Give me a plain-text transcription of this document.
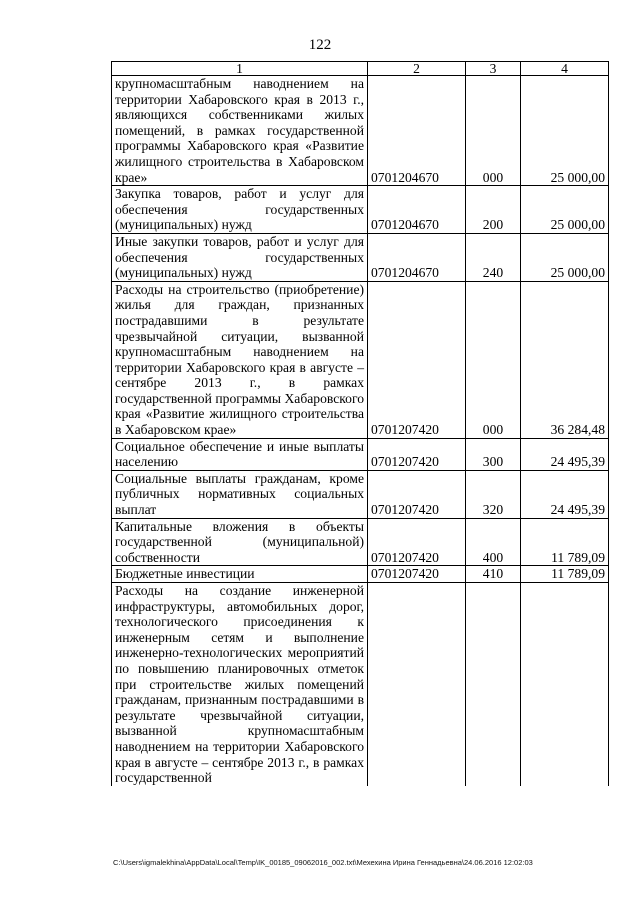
122
1	2	3	4
крупномасштабным наводнением на территории Хабаровского края в 2013 г., являющихся собственниками жилых помещений, в рамках государственной программы Хабаровского края «Развитие жилищного строительства в Хабаровском крае»	0701204670	000	25 000,00
Закупка товаров, работ и услуг для обеспечения государственных (муниципальных) нужд	0701204670	200	25 000,00
Иные закупки товаров, работ и услуг для обеспечения государственных (муниципальных) нужд	0701204670	240	25 000,00
Расходы на строительство (приобретение) жилья для граждан, признанных пострадавшими в результате чрезвычайной ситуации, вызванной крупномасштабным наводнением на территории Хабаровского края в августе – сентябре 2013 г., в рамках государственной программы Хабаровского края «Развитие жилищного строительства в Хабаровском крае»	0701207420	000	36 284,48
Социальное обеспечение и иные выплаты населению	0701207420	300	24 495,39
Социальные выплаты гражданам, кроме публичных нормативных социальных выплат	0701207420	320	24 495,39
Капитальные вложения в объекты государственной (муниципальной) собственности	0701207420	400	11 789,09
Бюджетные инвестиции	0701207420	410	11 789,09
Расходы на создание инженерной инфраструктуры, автомобильных дорог, технологического присоединения к инженерным сетям и выполнение инженерно-технологических мероприятий по повышению планировочных отметок при строительстве жилых помещений гражданам, признанным пострадавшими в результате чрезвычайной ситуации, вызванной крупномасштабным наводнением на территории Хабаровского края в августе – сентябре 2013 г., в рамках государственной			
C:\Users\igmalekhina\AppData\Local\Temp\IK_00185_09062016_002.txt\Мехехина Ирина Геннадьевна\24.06.2016 12:02:03
